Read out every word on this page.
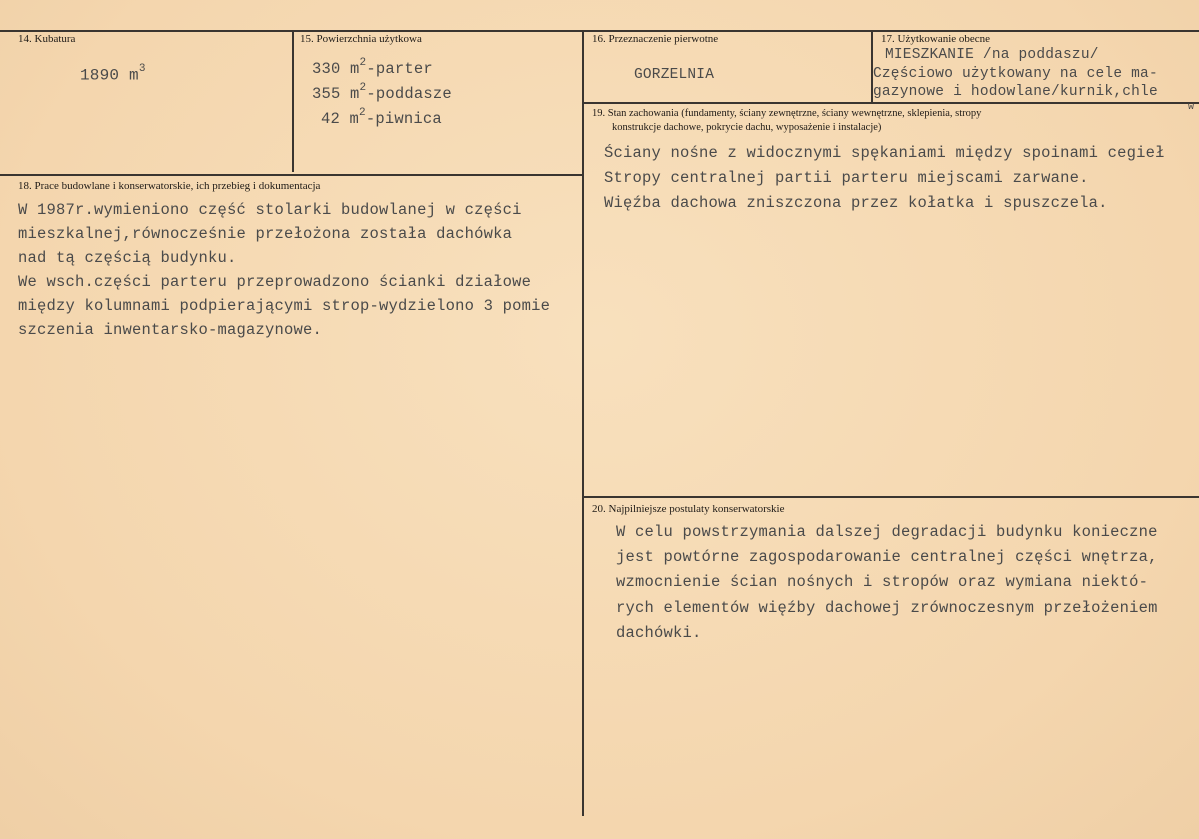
14. Kubatura
1890 $m^3$
15. Powierzchnia użytkowa
330 $m^2$-parter
355 $m^2$-poddasze
42 $m^2$-piwnica
16. Przeznaczenie pierwotne
GORZELNIA
17. Użytkowanie obecne
MIESZKANIE /na poddaszu/
Częściowo użytkowany na cele ma-
gazynowe i hodowlane/kurnik,chle
w
18. Prace budowlane i konserwatorskie, ich przebieg i dokumentacja
W 1987r.wymieniono część stolarki budowlanej w części
mieszkalnej,równocześnie przełożona została dachówka
nad tą częścią budynku.
We wsch.części parteru przeprowadzono ścianki działowe
między kolumnami podpierającymi strop-wydzielono 3 pomie
szczenia inwentarsko-magazynowe.
19. Stan zachowania (fundamenty, ściany zewnętrzne, ściany wewnętrzne, sklepienia, stropy
konstrukcje dachowe, pokrycie dachu, wyposażenie i instalacje)
Ściany nośne z widocznymi spękaniami między spoinami cegieł
Stropy centralnej partii parteru miejscami zarwane.
Więźba dachowa zniszczona przez kołatka i spuszczela.
20. Najpilniejsze postulaty konserwatorskie
W celu powstrzymania dalszej degradacji budynku konieczne
jest powtórne zagospodarowanie centralnej części wnętrza,
wzmocnienie ścian nośnych i stropów oraz wymiana niektó-
rych elementów więźby dachowej zrównoczesnym przełożeniem
dachówki.
